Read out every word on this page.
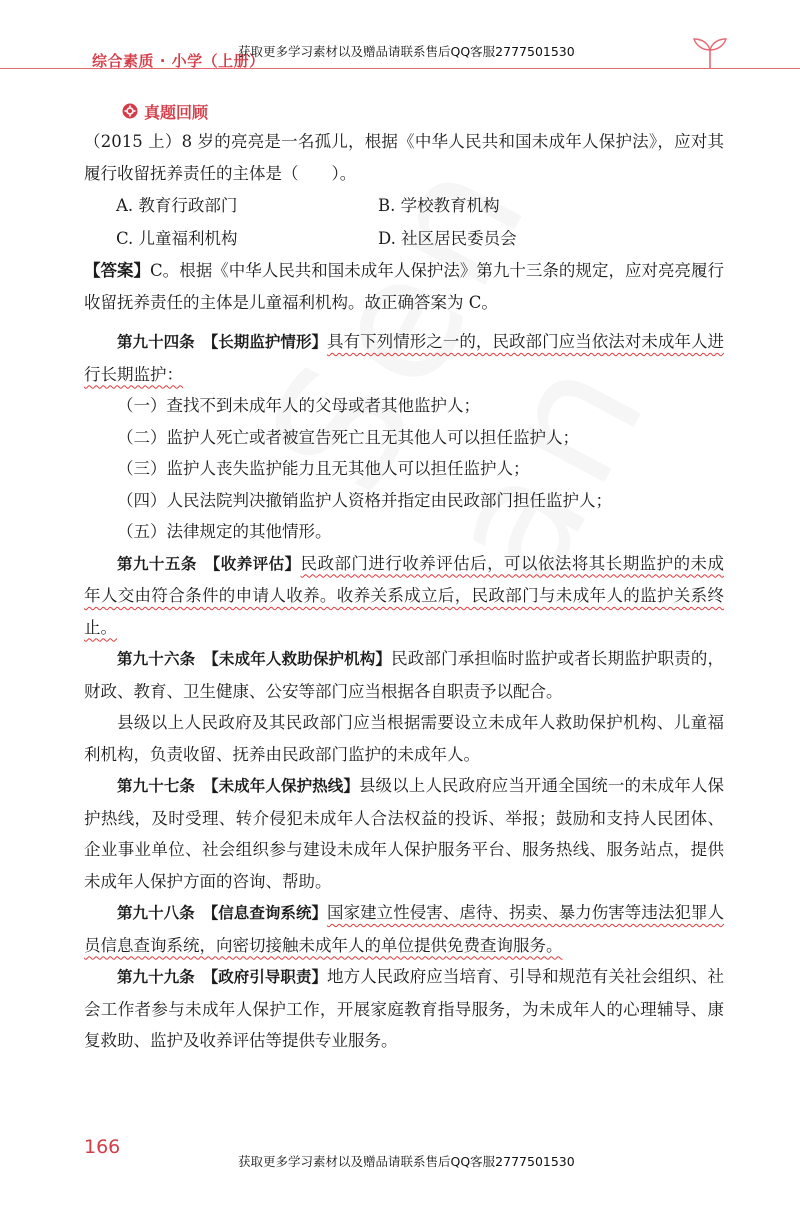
综合素质 · 小学（上册）
获取更多学习素材以及赠品请联系售后QQ客服2777501530
真题回顾

（2015 上）8 岁的亮亮是一名孤儿，根据《中华人民共和国未成年人保护法》，应对其履行收留抚养责任的主体是（　　）。

A. 教育行政部门	B. 学校教育机构
C. 儿童福利机构	D. 社区居民委员会

【答案】C。根据《中华人民共和国未成年人保护法》第九十三条的规定，应对亮亮履行收留抚养责任的主体是儿童福利机构。故正确答案为 C。

第九十四条 【长期监护情形】具有下列情形之一的，民政部门应当依法对未成年人进行长期监护：

（一）查找不到未成年人的父母或者其他监护人；

（二）监护人死亡或者被宣告死亡且无其他人可以担任监护人；

（三）监护人丧失监护能力且无其他人可以担任监护人；

（四）人民法院判决撤销监护人资格并指定由民政部门担任监护人；

（五）法律规定的其他情形。

第九十五条 【收养评估】民政部门进行收养评估后，可以依法将其长期监护的未成年人交由符合条件的申请人收养。收养关系成立后，民政部门与未成年人的监护关系终止。

第九十六条 【未成年人救助保护机构】民政部门承担临时监护或者长期监护职责的，财政、教育、卫生健康、公安等部门应当根据各自职责予以配合。

县级以上人民政府及其民政部门应当根据需要设立未成年人救助保护机构、儿童福利机构，负责收留、抚养由民政部门监护的未成年人。

第九十七条 【未成年人保护热线】县级以上人民政府应当开通全国统一的未成年人保护热线，及时受理、转介侵犯未成年人合法权益的投诉、举报；鼓励和支持人民团体、企业事业单位、社会组织参与建设未成年人保护服务平台、服务热线、服务站点，提供未成年人保护方面的咨询、帮助。

第九十八条 【信息查询系统】国家建立性侵害、虐待、拐卖、暴力伤害等违法犯罪人员信息查询系统，向密切接触未成年人的单位提供免费查询服务。

第九十九条 【政府引导职责】地方人民政府应当培育、引导和规范有关社会组织、社会工作者参与未成年人保护工作，开展家庭教育指导服务，为未成年人的心理辅导、康复救助、监护及收养评估等提供专业服务。

166
获取更多学习素材以及赠品请联系售后QQ客服2777501530
